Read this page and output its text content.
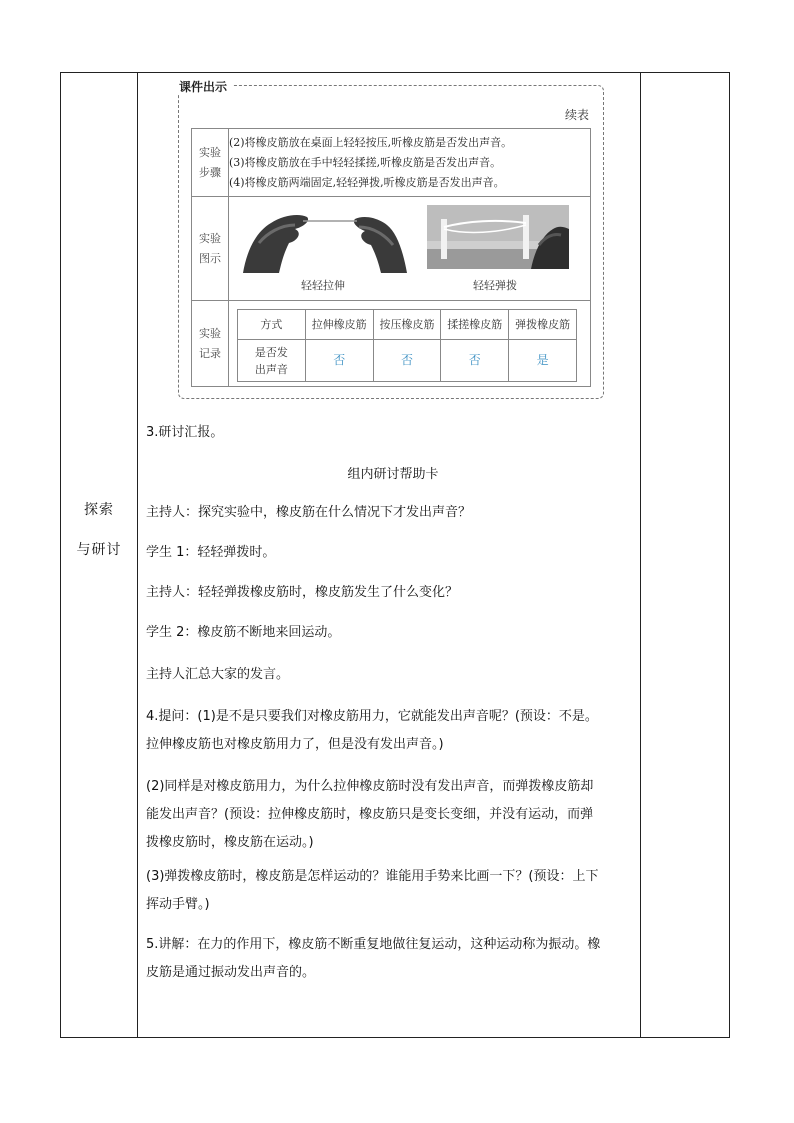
探索
与研讨

课件出示
续表
实验
步骤

(2)将橡皮筋放在桌面上轻轻按压,听橡皮筋是否发出声音。
(3)将橡皮筋放在手中轻轻揉搓,听橡皮筋是否发出声音。
(4)将橡皮筋两端固定,轻轻弹拨,听橡皮筋是否发出声音。

实验
图示

轻轻拉伸	轻轻弹拨

实验
记录

方式	拉伸橡皮筋	按压橡皮筋	揉搓橡皮筋	弹拨橡皮筋

是否发
出声音
	否	否	否	是
3.研讨汇报。
组内研讨帮助卡
主持人：探究实验中，橡皮筋在什么情况下才发出声音？
学生 1：轻轻弹拨时。
主持人：轻轻弹拨橡皮筋时，橡皮筋发生了什么变化？
学生 2：橡皮筋不断地来回运动。
主持人汇总大家的发言。
4.提问：(1)是不是只要我们对橡皮筋用力，它就能发出声音呢？(预设：不是。
拉伸橡皮筋也对橡皮筋用力了，但是没有发出声音。)
(2)同样是对橡皮筋用力，为什么拉伸橡皮筋时没有发出声音，而弹拨橡皮筋却
能发出声音？(预设：拉伸橡皮筋时，橡皮筋只是变长变细，并没有运动，而弹
拨橡皮筋时，橡皮筋在运动。)
(3)弹拨橡皮筋时，橡皮筋是怎样运动的？谁能用手势来比画一下？(预设：上下
挥动手臂。)
5.讲解：在力的作用下，橡皮筋不断重复地做往复运动，这种运动称为振动。橡
皮筋是通过振动发出声音的。
